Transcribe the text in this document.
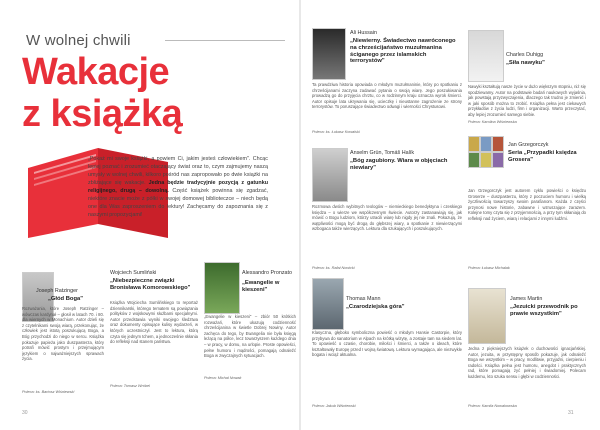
W wolnej chwili
Wakacje
z książką
„Pokaż mi swoje książki, a powiem Ci, jakim jesteś człowiekiem". Chcąc lepiej poznać i zrozumieć otaczający świat oraz to, czym zajmujemy naszą umysły w wolnej chwili, kilkoro pośród nas zapropowało po dwie książki na zbliżające się wakacje. Jedna będzie tradycyjnie pozycją z gatunku religijnego, drugą – dowolną. Część książek powinna się zgadzać, niektóre znacie może z półki w swojej domowej biblioteczce – niech będą one dla Was zaproszeniem do lektury! Zachęcamy do zapoznania się z naszymi propozycjami!
Joseph Ratzinger
„Głód Boga"
Rozważania, które Joseph Ratzinger – wówczas kardynał – głosił w latach 70. i 80. dla wiernych w Monachium. Autor dzieli się z czytelnikami swoją wiarą, przekonując, że człowiek jest istotą poszukującą Boga, a Bóg przychodzi do niego w sercu. Książka pokazuje papieża jako duszpasterza, który potrafi mówić prostym i przejmującym językiem o najważniejszych sprawach życia.
Poleca: ks. Bartosz Wiśniewski
Wojciech Sumliński
„Niebezpieczne związki Bronisława Komorowskiego"
Książka Wojciecha Sumlińskiego to reportaż dziennikarski, którego tematem są powiązania polityków z wojskowymi służbami specjalnymi. Autor przedstawia wyniki swojego śledztwa oraz dokumenty opisujące kulisy wydarzeń, w których uczestniczył. Jest to lektura, którą czyta się jednym tchem, a jednocześnie skłania do refleksji nad stanem państwa.
Poleca: Tomasz Wróbel
Alessandro Pronzato
„Ewangelie w kieszeni"
„Ewangelie w kieszeni" – zbiór 50 krótkich rozważań, które ukazują codzienność chrześcijanina w świetle Dobrej Nowiny. Autor zachęca do tego, by Ewangelia nie była księgą leżącą na półce, lecz towarzyszem każdego dnia – w pracy, w domu, na urlopie. Proste opowieści, pełne humoru i mądrości, pomagają odnaleźć Boga w zwyczajnych sytuacjach.
Poleca: Michał Nowak
30
Ali Hussain
„Niewierny. Świadectwo nawróconego na chrześcijaństwo muzułmanina ściganego przez islamskich terrorystów"
Ta prawdziwa historia opowiada o młodym muzułmaninie, który po spotkaniu z chrześcijanami zaczyna zadawać pytania o swoją wiarę. Jego poszukiwania prowadzą go do przyjęcia chrztu, co w rodzinnym kraju oznacza wyrok śmierci. Autor opisuje lata ukrywania się, ucieczkę i nieustanne zagrożenie ze strony terrorystów. To poruszające świadectwo odwagi i wierności Chrystusowi.
Poleca: ks. Łukasz Kowalski
Charles Duhigg
„Siła nawyku"
Nawyki kształtują nasze życie w dużo większym stopniu, niż się spodziewamy. Autor na podstawie badań naukowych wyjaśnia, jak powstają przyzwyczajenia, dlaczego tak trudno je zmienić i w jaki sposób można to zrobić. Książka pełna jest ciekawych przykładów z życia ludzi, firm i organizacji. Warto przeczytać, aby lepiej zrozumieć samego siebie.
Poleca: Karolina Wiśniewska
Anselm Grün, Tomáš Halík
„Bóg zagubiony. Wiara w objęciach niewiary"
Rozmowa dwóch wybitnych teologów – niemieckiego benedyktyna i czeskiego księdza – o wierze we współczesnym świecie. Autorzy zastanawiają się, jak mówić o Bogu ludziom, którzy utracili wiarę lub nigdy jej nie znali. Pokazują, że wątpliwości mogą być drogą do głębszej wiary, a spotkanie z niewierzącymi wzbogaca także wierzących. Lektura dla szukających i poszukujących.
Poleca: ks. Rafał Nowicki
Jan Grzegorczyk
Seria „Przypadki księdza Grosera"
Jan Grzegorczyk jest autorem cyklu powieści o księdzu Groserze – duszpasterzu, który z poczuciem humoru i wielką życzliwością towarzyszy swoim parafianom. Każda z części przynosi nowe historie, zabawne i wzruszające zarazem. Kolejne tomy czyta się z przyjemnością, a przy tym skłaniają do refleksji nad życiem, wiarą i relacjami z innymi ludźmi.
Poleca: Łukasz Michalak
Thomas Mann
„Czarodziejska góra"
Klasyczna, głęboko symboliczna powieść o młodym Hansie Castorpie, który przybywa do sanatorium w Alpach na krótką wizytę, a zostaje tam na siedem lat. To opowieść o czasie, chorobie, miłości i śmierci, a także o ideach, które kształtowały Europę przed I wojną światową. Lektura wymagająca, ale niezwykle bogata i wciąż aktualna.
Poleca: Jakub Wiśniewski
James Martin
„Jezuicki przewodnik po prawie wszystkim"
Jedna z piękniejszych książek o duchowości ignacjańskiej. Autor, jezuita, w przystępny sposób pokazuje, jak odnaleźć Boga we wszystkim – w pracy, modlitwie, przyjaźni, cierpieniu i radości. Książka pełna jest humoru, anegdot i praktycznych rad, które pomagają żyć pełniej i świadomiej. Polecam każdemu, kto szuka sensu i głębi w codzienności.
Poleca: Kamila Nowakowska
31
